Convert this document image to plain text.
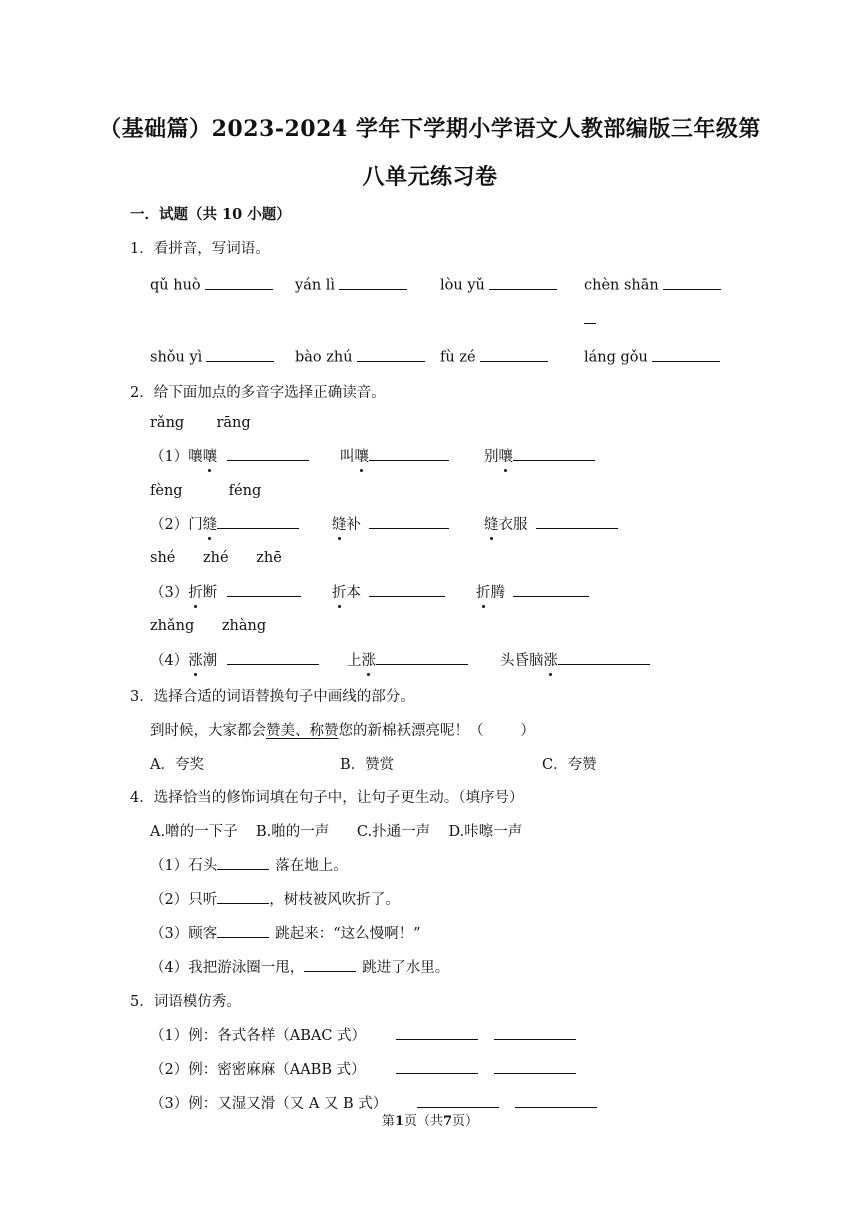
（基础篇）2023-2024 学年下学期小学语文人教部编版三年级第
八单元练习卷
一．试题（共 10 小题）
1．看拼音，写词语。
qǔ huò	yán lì	lòu yǔ	chèn shān
shǒu yì	bào zhú	fù zé	láng gǒu
2．给下面加点的多音字选择正确读音。
rǎng       rāng
（1）嚷嚷	叫嚷	别嚷
fèng          féng
（2）门缝	缝补	缝衣服
shé      zhé      zhē
（3）折断	折本	折腾
zhǎng      zhàng
（4）涨潮	上涨	头昏脑涨
3．选择合适的词语替换句子中画线的部分。
到时候，大家都会赞美、称赞您的新棉袄漂亮呢！（        ）
A．夸奖	B．赞赏	C．夸赞
4．选择恰当的修饰词填在句子中，让句子更生动。（填序号）
A.噌的一下子    B.啪的一声      C.扑通一声    D.咔嚓一声
（1）石头	落在地上。
（2）只听	，树枝被风吹折了。
（3）顾客	跳起来：“这么慢啊！”
（4）我把游泳圈一甩，	跳进了水里。
5．词语模仿秀。
（1）例：各式各样（ABAC 式）
（2）例：密密麻麻（AABB 式）
（3）例：又湿又滑（又 A 又 B 式）
第1页（共7页）
